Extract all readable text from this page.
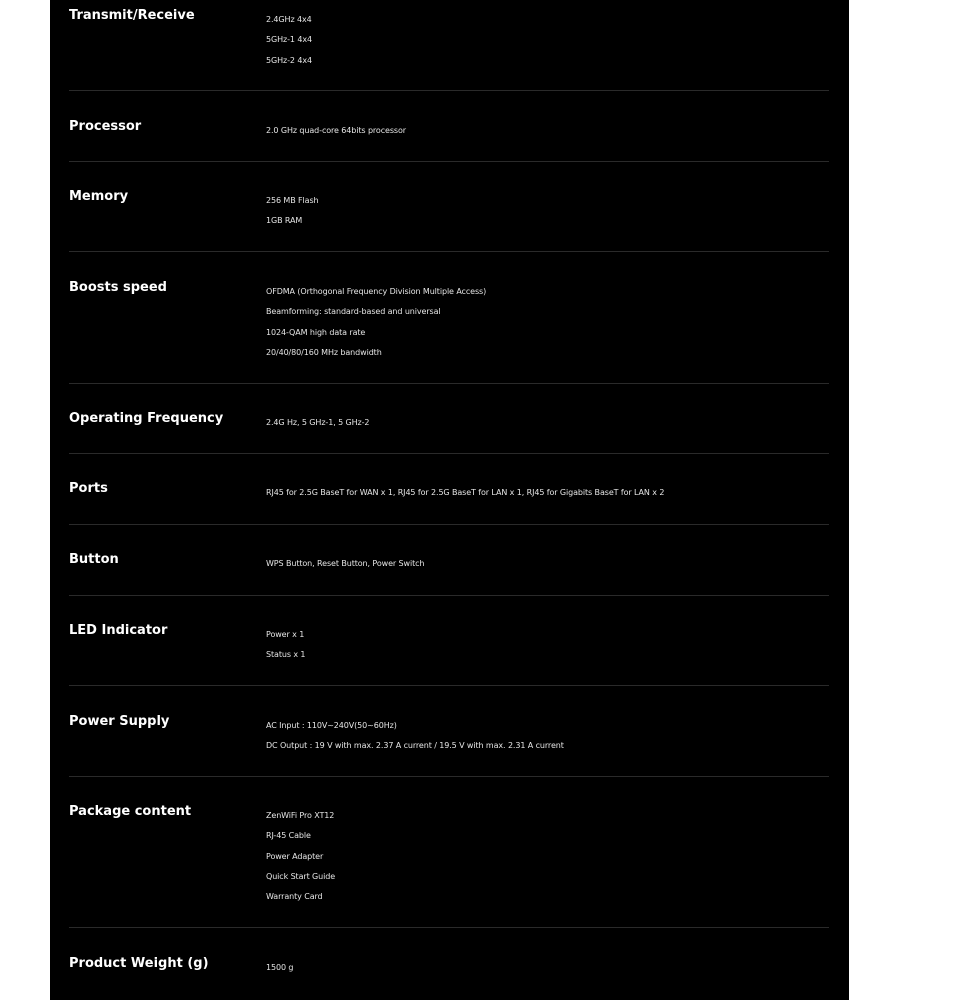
Transmit/Receive	2.4GHz 4x4
5GHz-1 4x4
5GHz-2 4x4
Processor	2.0 GHz quad-core 64bits processor
Memory	256 MB Flash
1GB RAM
Boosts speed	OFDMA (Orthogonal Frequency Division Multiple Access)
Beamforming: standard-based and universal
1024-QAM high data rate
20/40/80/160 MHz bandwidth
Operating Frequency	2.4G Hz, 5 GHz-1, 5 GHz-2
Ports	RJ45 for 2.5G BaseT for WAN x 1, RJ45 for 2.5G BaseT for LAN x 1, RJ45 for Gigabits BaseT for LAN x 2
Button	WPS Button, Reset Button, Power Switch
LED Indicator	Power x 1
Status x 1
Power Supply	AC Input : 110V~240V(50~60Hz)
DC Output : 19 V with max. 2.37 A current / 19.5 V with max. 2.31 A current
Package content	ZenWiFi Pro XT12
RJ-45 Cable
Power Adapter
Quick Start Guide
Warranty Card
Product Weight (g)	1500 g
